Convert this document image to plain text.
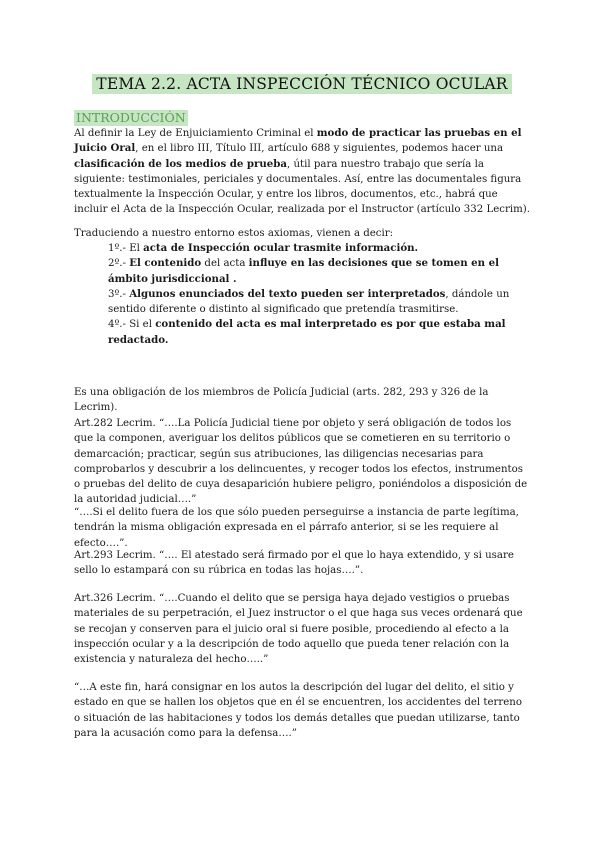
TEMA 2.2. ACTA INSPECCIÓN TÉCNICO OCULAR
INTRODUCCIÓN

Al definir la Ley de Enjuiciamiento Criminal el modo de practicar las pruebas en el Juicio Oral, en el libro III, Título III, artículo 688 y siguientes, podemos hacer una clasificación de los medios de prueba, útil para nuestro trabajo que sería la siguiente: testimoniales, periciales y documentales. Así, entre las documentales figura textualmente la Inspección Ocular, y entre los libros, documentos, etc., habrá que incluir el Acta de la Inspección Ocular, realizada por el Instructor (artículo 332 Lecrim).

Traduciendo a nuestro entorno estos axiomas, vienen a decir:

1º.- El acta de Inspección ocular trasmite información.

2º.- El contenido del acta influye en las decisiones que se tomen en el ámbito jurisdiccional .

3º.- Algunos enunciados del texto pueden ser interpretados, dándole un sentido diferente o distinto al significado que pretendía trasmitirse.

4º.- Si el contenido del acta es mal interpretado es por que estaba mal redactado.

Es una obligación de los miembros de Policía Judicial (arts. 282, 293 y 326 de la Lecrim).

Art.282 Lecrim. “….La Policía Judicial tiene por objeto y será obligación de todos los que la componen, averiguar los delitos públicos que se cometieren en su territorio o demarcación; practicar, según sus atribuciones, las diligencias necesarias para comprobarlos y descubrir a los delincuentes, y recoger todos los efectos, instrumentos o pruebas del delito de cuya desaparición hubiere peligro, poniéndolos a disposición de la autoridad judicial….”

“….Si el delito fuera de los que sólo pueden perseguirse a instancia de parte legítima, tendrán la misma obligación expresada en el párrafo anterior, si se les requiere al efecto….”.

Art.293 Lecrim. “…. El atestado será firmado por el que lo haya extendido, y si usare sello lo estampará con su rúbrica en todas las hojas….”.

Art.326 Lecrim. “….Cuando el delito que se persiga haya dejado vestigios o pruebas materiales de su perpetración, el Juez instructor o el que haga sus veces ordenará que se recojan y conserven para el juicio oral si fuere posible, procediendo al efecto a la inspección ocular y a la descripción de todo aquello que pueda tener relación con la existencia y naturaleza del hecho…..”

“…A este fin, hará consignar en los autos la descripción del lugar del delito, el sitio y estado en que se hallen los objetos que en él se encuentren, los accidentes del terreno o situación de las habitaciones y todos los demás detalles que puedan utilizarse, tanto para la acusación como para la defensa….”
